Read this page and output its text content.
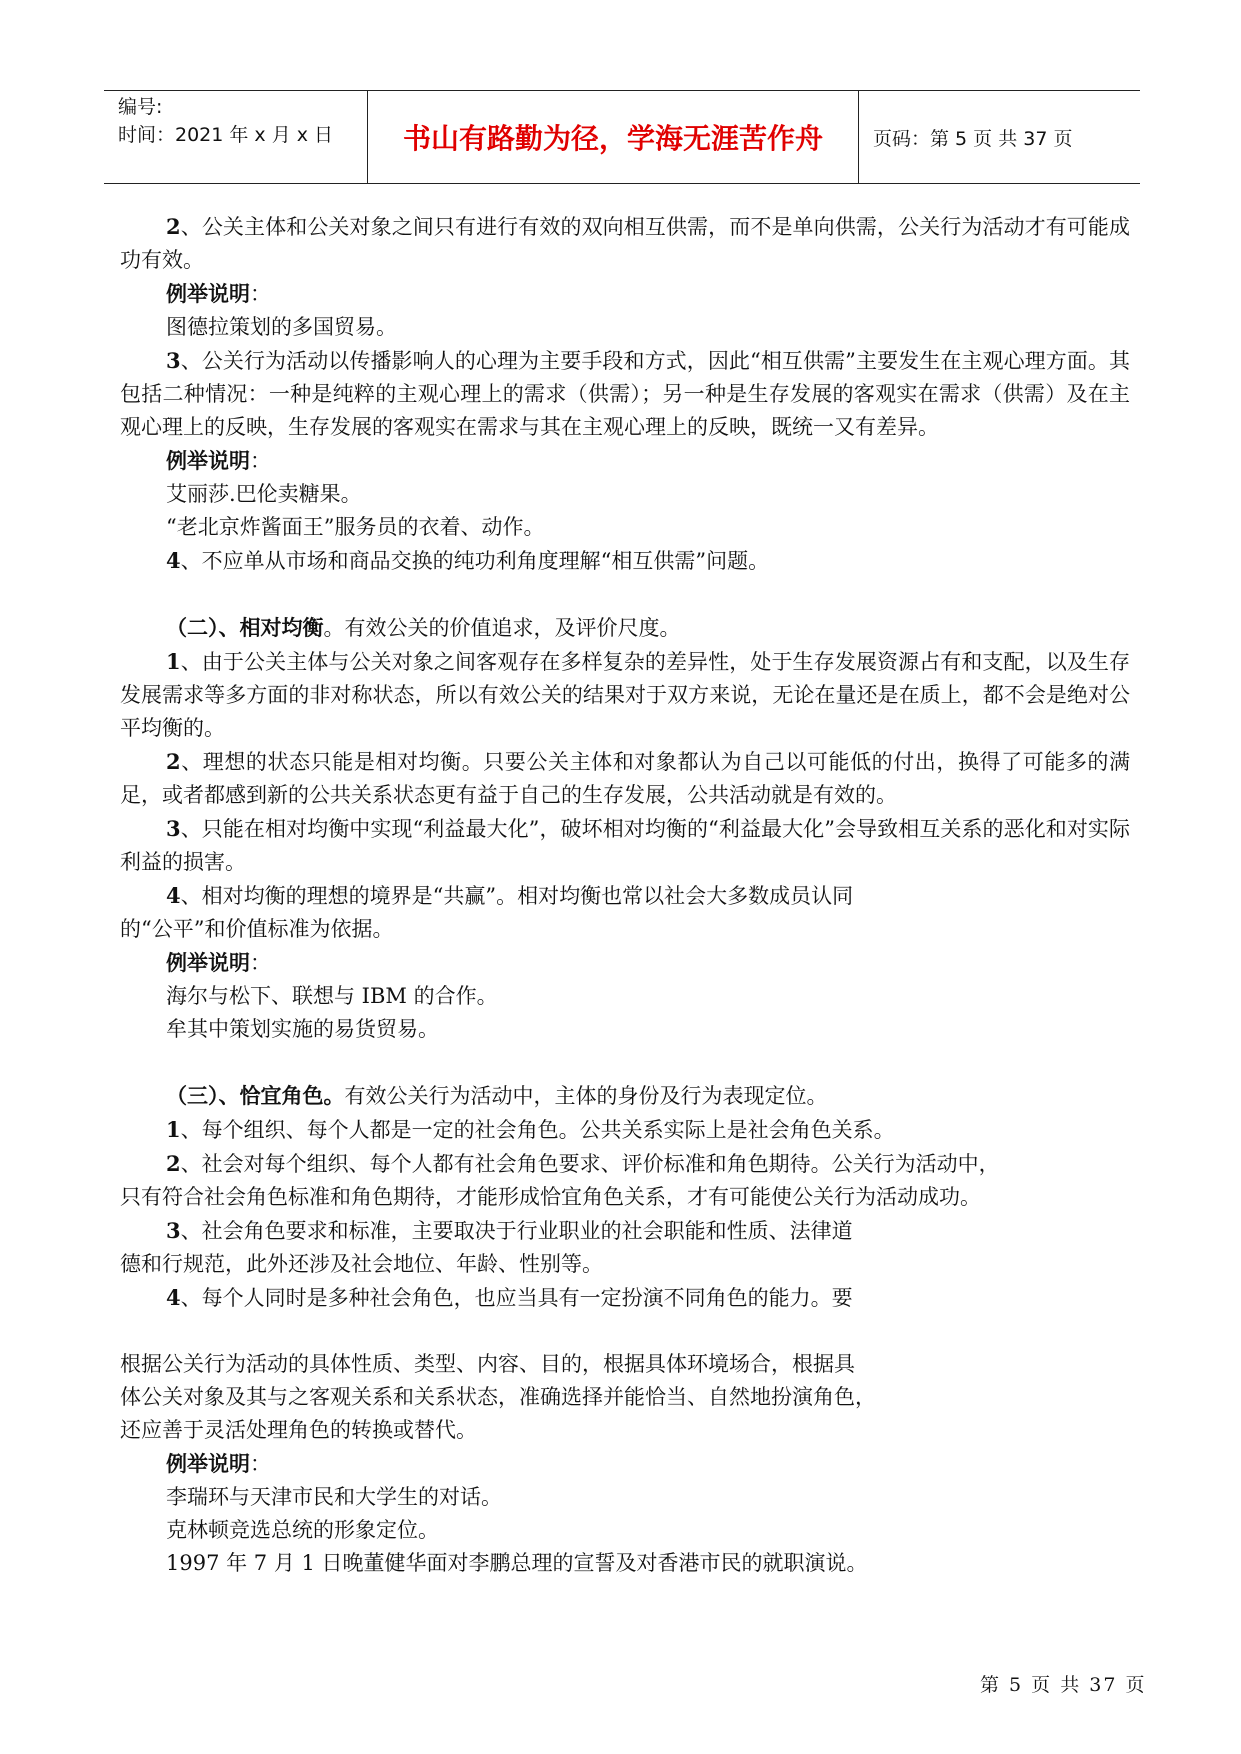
编号:
时间：2021 年 x 月 x 日	书山有路勤为径，学海无涯苦作舟	页码：第 5 页 共 37 页

2、公关主体和公关对象之间只有进行有效的双向相互供需，而不是单向供需，公关行为活动才有可能成功有效。

例举说明：

图德拉策划的多国贸易。

3、公关行为活动以传播影响人的心理为主要手段和方式，因此“相互供需”主要发生在主观心理方面。其包括二种情况：一种是纯粹的主观心理上的需求（供需）；另一种是生存发展的客观实在需求（供需）及在主观心理上的反映，生存发展的客观实在需求与其在主观心理上的反映，既统一又有差异。

例举说明：

艾丽莎.巴伦卖糖果。

“老北京炸酱面王”服务员的衣着、动作。

4、不应单从市场和商品交换的纯功利角度理解“相互供需”问题。

（二）、相对均衡。有效公关的价值追求，及评价尺度。

1、由于公关主体与公关对象之间客观存在多样复杂的差异性，处于生存发展资源占有和支配，以及生存发展需求等多方面的非对称状态，所以有效公关的结果对于双方来说，无论在量还是在质上，都不会是绝对公平均衡的。

2、理想的状态只能是相对均衡。只要公关主体和对象都认为自己以可能低的付出，换得了可能多的满足，或者都感到新的公共关系状态更有益于自己的生存发展，公共活动就是有效的。

3、只能在相对均衡中实现“利益最大化”，破坏相对均衡的“利益最大化”会导致相互关系的恶化和对实际利益的损害。

4、相对均衡的理想的境界是“共赢”。相对均衡也常以社会大多数成员认同

的“公平”和价值标准为依据。

例举说明：

海尔与松下、联想与 IBM 的合作。

牟其中策划实施的易货贸易。

（三）、恰宜角色。有效公关行为活动中，主体的身份及行为表现定位。

1、每个组织、每个人都是一定的社会角色。公共关系实际上是社会角色关系。

2、社会对每个组织、每个人都有社会角色要求、评价标准和角色期待。公关行为活动中，

只有符合社会角色标准和角色期待，才能形成恰宜角色关系，才有可能使公关行为活动成功。

3、社会角色要求和标准，主要取决于行业职业的社会职能和性质、法律道

德和行规范，此外还涉及社会地位、年龄、性别等。

4、每个人同时是多种社会角色，也应当具有一定扮演不同角色的能力。要

根据公关行为活动的具体性质、类型、内容、目的，根据具体环境场合，根据具

体公关对象及其与之客观关系和关系状态，准确选择并能恰当、自然地扮演角色，

还应善于灵活处理角色的转换或替代。

例举说明：

李瑞环与天津市民和大学生的对话。

克林顿竞选总统的形象定位。

1997 年 7 月 1 日晚董健华面对李鹏总理的宣誓及对香港市民的就职演说。

第 5 页 共 37 页
